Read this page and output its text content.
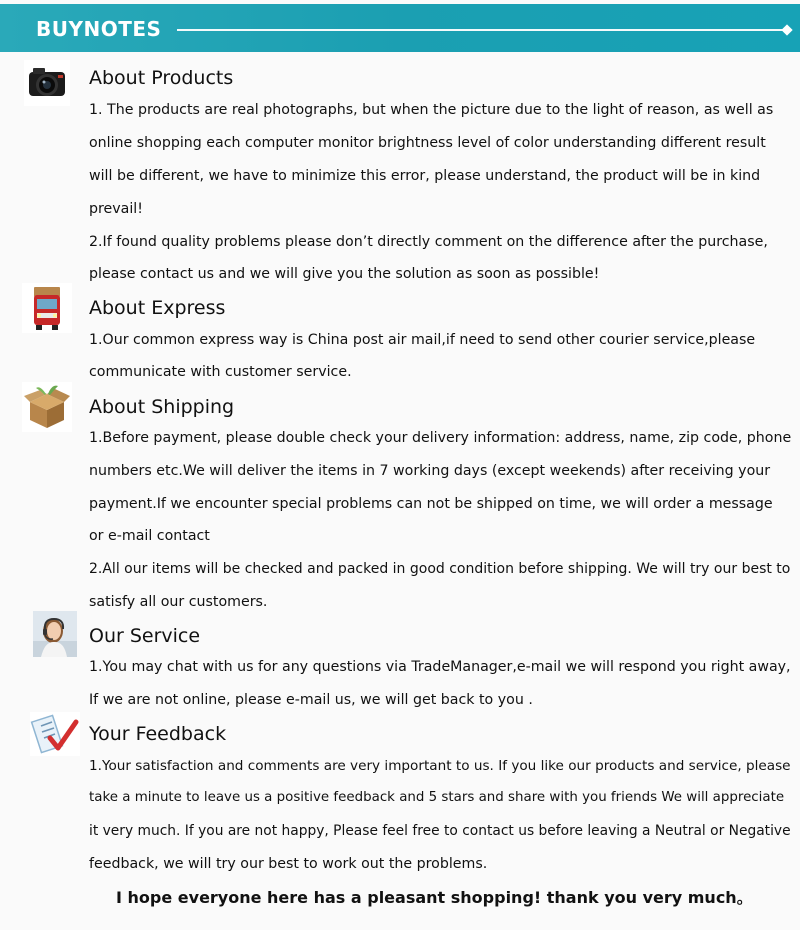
BUYNOTES
About Products
1. The products are real photographs, but when the picture due to the light of reason, as well as
online shopping each computer monitor brightness level of color understanding different result
will be different, we have to minimize this error, please understand, the product will be in kind
prevail!
2.If found quality problems please don’t directly comment on the difference after the purchase,
please contact us and we will give you the solution as soon as possible!
About Express
1.Our common express way is China post air mail,if need to send other courier service,please
communicate with customer service.
About Shipping
1.Before payment, please double check your delivery information: address, name, zip code, phone
numbers etc.We will deliver the items in 7 working days (except weekends) after receiving your
payment.If we encounter special problems can not be shipped on time, we will order a message
or e-mail contact
2.All our items will be checked and packed in good condition before shipping. We will try our best to
satisfy all our customers.
Our Service
1.You may chat with us for any questions via TradeManager,e-mail we will respond you right away,
If we are not online, please e-mail us, we will get back to you .
Your Feedback
1.Your satisfaction and comments are very important to us. If you like our products and service, please
take a minute to leave us a positive feedback and 5 stars and share with you friends We will appreciate
it very much. If you are not happy, Please feel free to contact us before leaving a Neutral or Negative
feedback, we will try our best to work out the problems.
I hope everyone here has a pleasant shopping! thank you very much。
